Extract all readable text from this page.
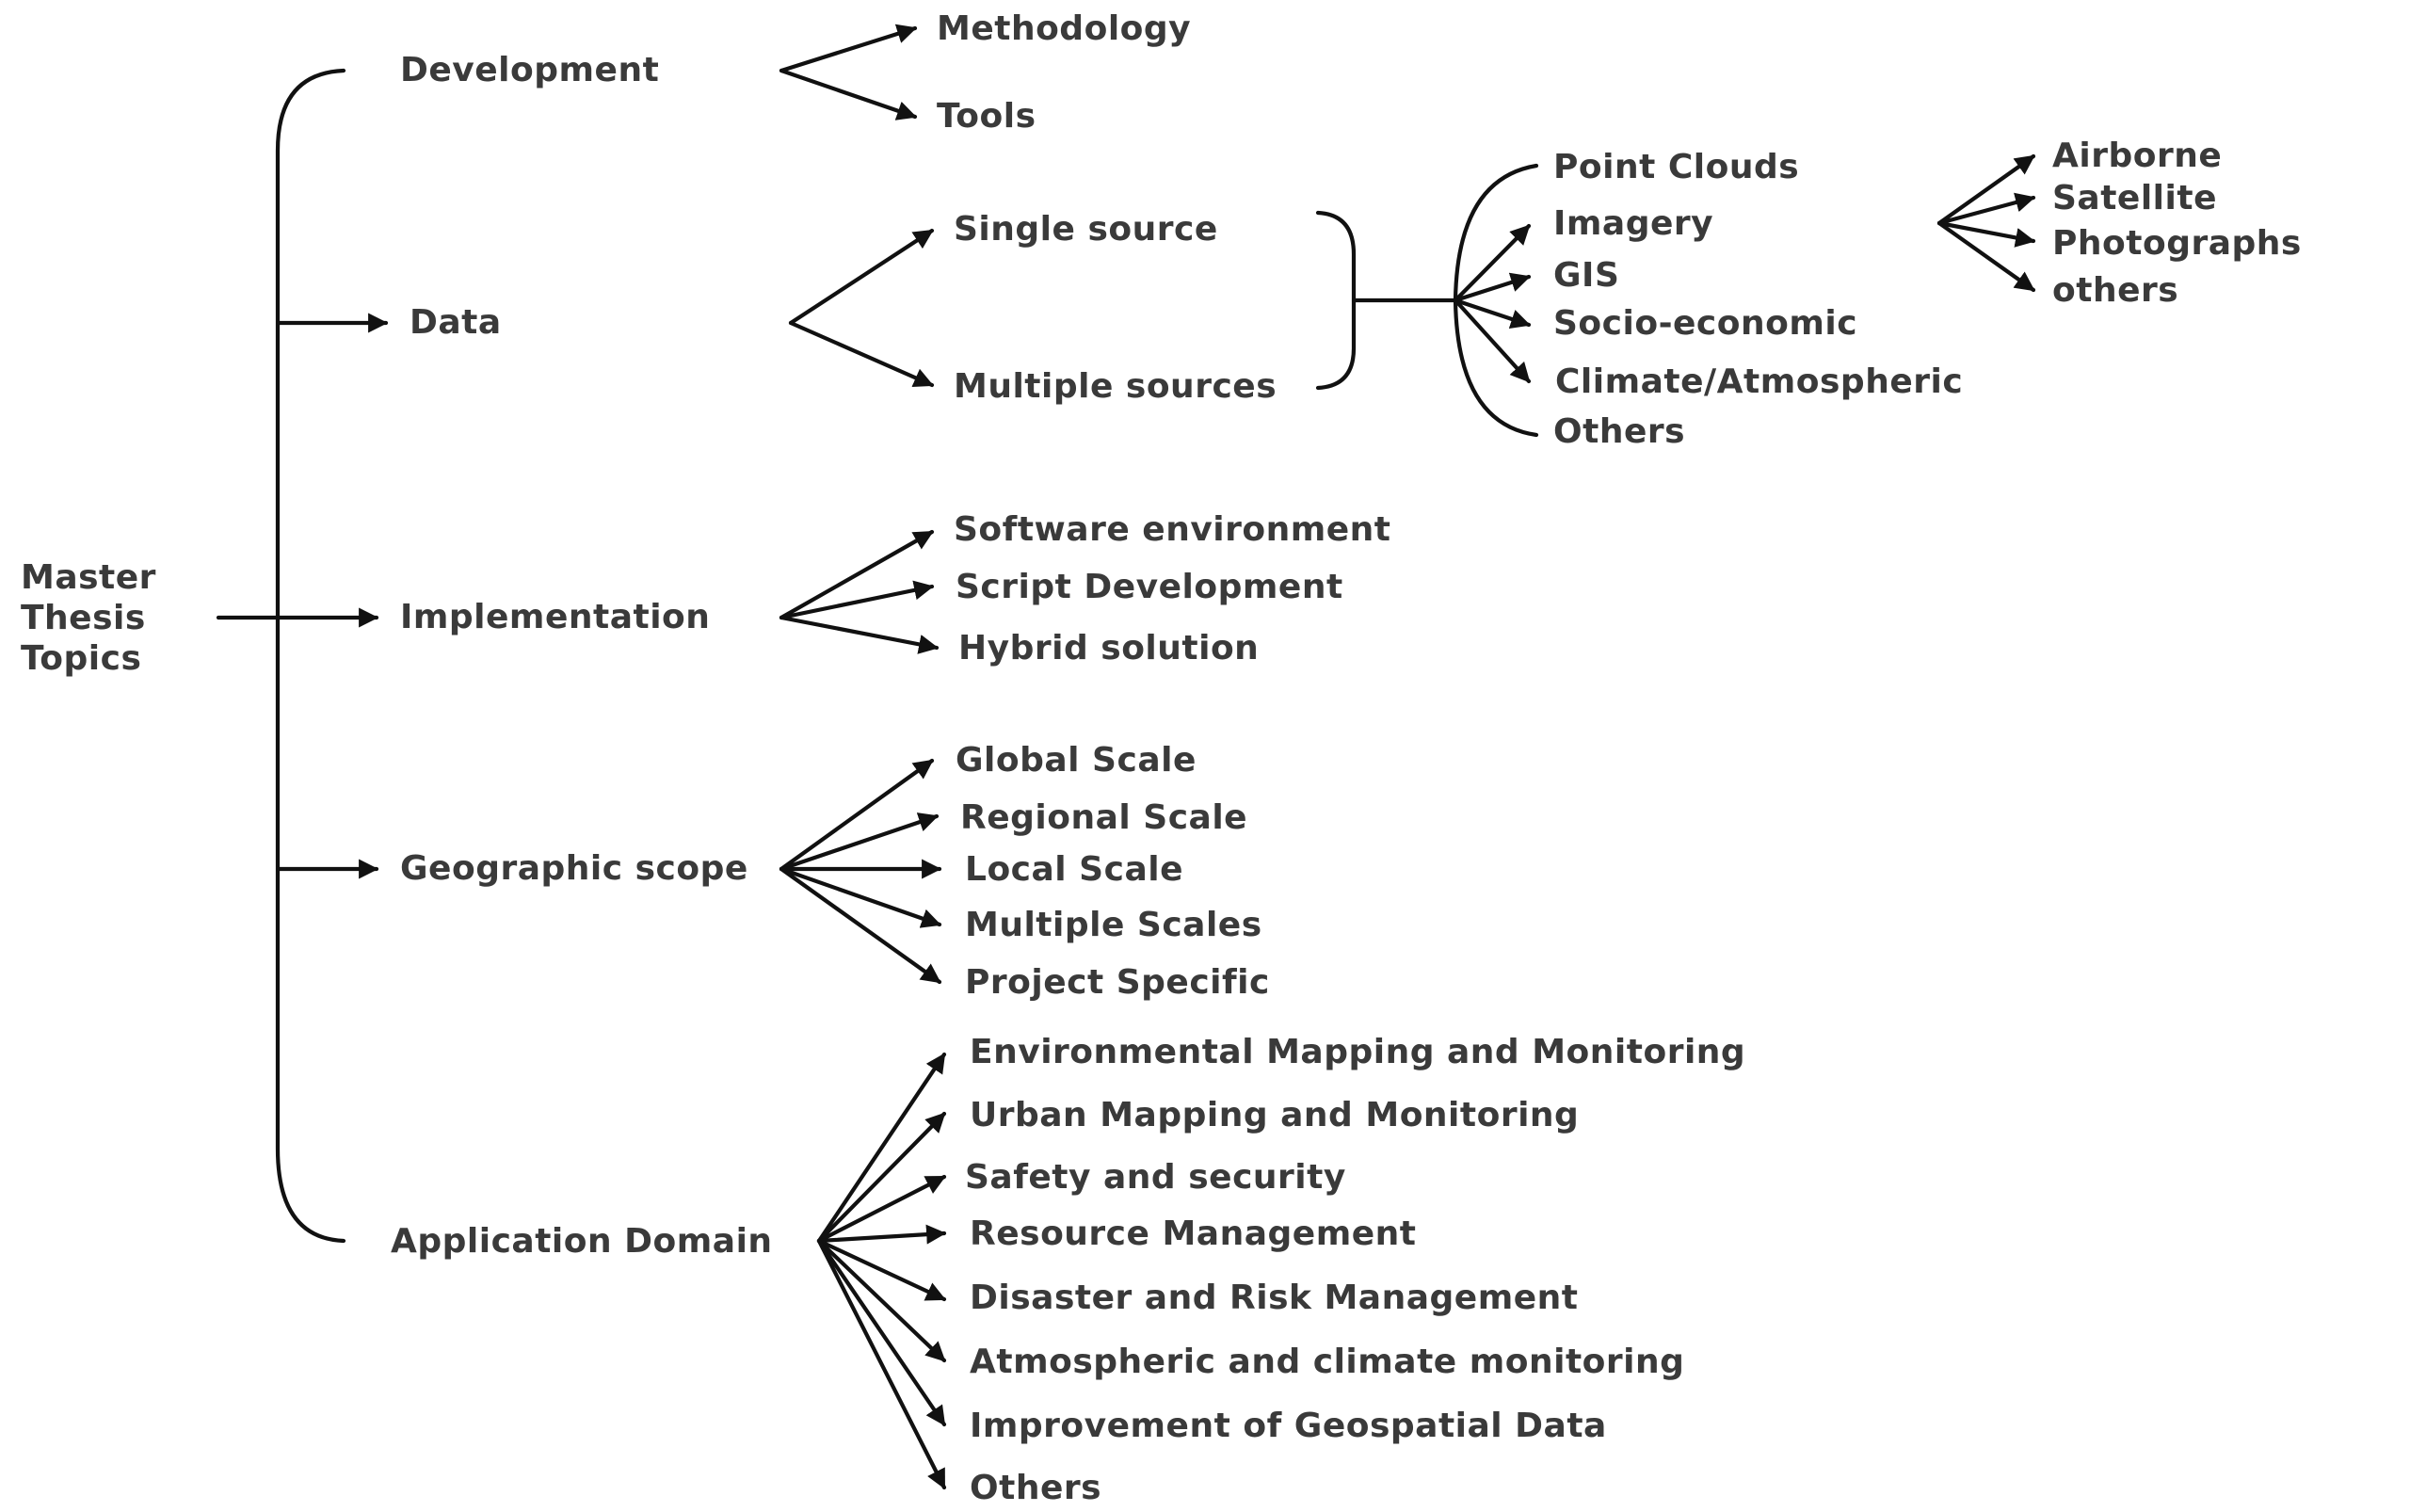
Master
Thesis
Topics
Development
Data
Implementation
Geographic scope
Application Domain
Methodology
Tools
Single source
Multiple sources
Point Clouds
Imagery
GIS
Socio-economic
Climate/Atmospheric
Others
Airborne
Satellite
Photographs
others
Software environment
Script Development
Hybrid solution
Global Scale
Regional Scale
Local Scale
Multiple Scales
Project Specific
Environmental Mapping and Monitoring
Urban Mapping and Monitoring
Safety and security
Resource Management
Disaster and Risk Management
Atmospheric and climate monitoring
Improvement of Geospatial Data
Others
